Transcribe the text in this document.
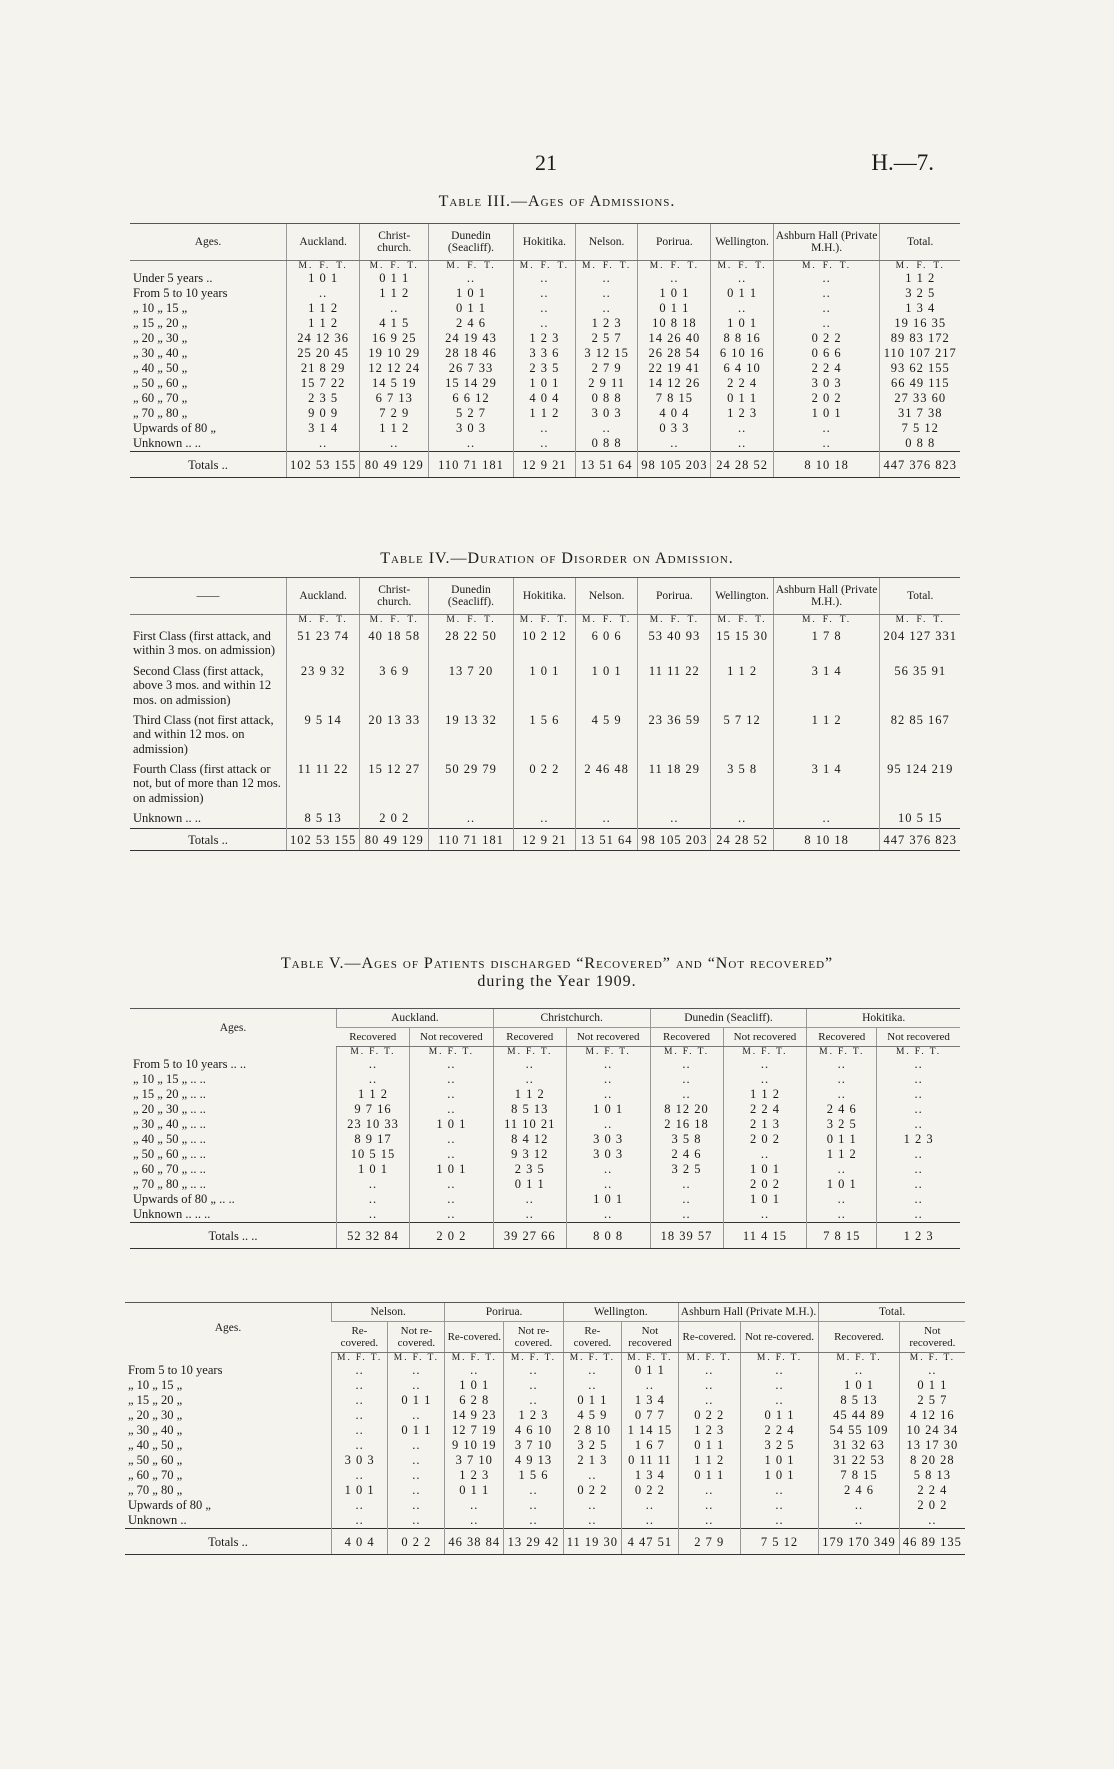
21	H.—7.
Table III.—Ages of Admissions.
Ages.	Auckland.	Christ-church.	Dunedin (Seacliff).	Hokitika.	Nelson.	Porirua.	Wellington.	Ashburn Hall (Private M.H.).	Total.
	M. F. T.	M. F. T.	M. F. T.	M. F. T.	M. F. T.	M. F. T.	M. F. T.	M. F. T.	M. F. T.
Under 5 years ..	1 0 1	0 1 1	..	..	..	..	..	..	1 1 2
From 5 to 10 years	..	1 1 2	1 0 1	..	..	1 0 1	0 1 1	..	3 2 5
„ 10 „ 15 „	1 1 2	..	0 1 1	..	..	0 1 1	..	..	1 3 4
„ 15 „ 20 „	1 1 2	4 1 5	2 4 6	..	1 2 3	10 8 18	1 0 1	..	19 16 35
„ 20 „ 30 „	24 12 36	16 9 25	24 19 43	1 2 3	2 5 7	14 26 40	8 8 16	0 2 2	89 83 172
„ 30 „ 40 „	25 20 45	19 10 29	28 18 46	3 3 6	3 12 15	26 28 54	6 10 16	0 6 6	110 107 217
„ 40 „ 50 „	21 8 29	12 12 24	26 7 33	2 3 5	2 7 9	22 19 41	6 4 10	2 2 4	93 62 155
„ 50 „ 60 „	15 7 22	14 5 19	15 14 29	1 0 1	2 9 11	14 12 26	2 2 4	3 0 3	66 49 115
„ 60 „ 70 „	2 3 5	6 7 13	6 6 12	4 0 4	0 8 8	7 8 15	0 1 1	2 0 2	27 33 60
„ 70 „ 80 „	9 0 9	7 2 9	5 2 7	1 1 2	3 0 3	4 0 4	1 2 3	1 0 1	31 7 38
Upwards of 80 „	3 1 4	1 1 2	3 0 3	..	..	0 3 3	..	..	7 5 12
Unknown .. ..	..	..	..	..	0 8 8	..	..	..	0 8 8
Totals ..	102 53 155	80 49 129	110 71 181	12 9 21	13 51 64	98 105 203	24 28 52	8 10 18	447 376 823
Table IV.—Duration of Disorder on Admission.
——	Auckland.	Christ-church.	Dunedin (Seacliff).	Hokitika.	Nelson.	Porirua.	Wellington.	Ashburn Hall (Private M.H.).	Total.
	M. F. T.	M. F. T.	M. F. T.	M. F. T.	M. F. T.	M. F. T.	M. F. T.	M. F. T.	M. F. T.
First Class (first attack, and within 3 mos. on admission)	51 23 74	40 18 58	28 22 50	10 2 12	6 0 6	53 40 93	15 15 30	1 7 8	204 127 331
Second Class (first attack, above 3 mos. and within 12 mos. on admission)	23 9 32	3 6 9	13 7 20	1 0 1	1 0 1	11 11 22	1 1 2	3 1 4	56 35 91
Third Class (not first attack, and within 12 mos. on admission)	9 5 14	20 13 33	19 13 32	1 5 6	4 5 9	23 36 59	5 7 12	1 1 2	82 85 167
Fourth Class (first attack or not, but of more than 12 mos. on admission)	11 11 22	15 12 27	50 29 79	0 2 2	2 46 48	11 18 29	3 5 8	3 1 4	95 124 219
Unknown .. ..	8 5 13	2 0 2	..	..	..	..	..	..	10 5 15
Totals ..	102 53 155	80 49 129	110 71 181	12 9 21	13 51 64	98 105 203	24 28 52	8 10 18	447 376 823
Table V.—Ages of Patients discharged “Recovered” and “Not recovered”
during the Year 1909.
Ages.	Auckland.		Christchurch.		Dunedin (Seacliff).		Hokitika.	
	Recovered	Not recovered	Recovered	Not recovered	Recovered	Not recovered	Recovered	Not recovered
	M. F. T.	M. F. T.	M. F. T.	M. F. T.	M. F. T.	M. F. T.	M. F. T.	M. F. T.
From 5 to 10 years .. ..	..	..	..	..	..	..	..	..
„ 10 „ 15 „ .. ..	..	..	..	..	..	..	..	..
„ 15 „ 20 „ .. ..	1 1 2	..	1 1 2	..	..	1 1 2	..	..
„ 20 „ 30 „ .. ..	9 7 16	..	8 5 13	1 0 1	8 12 20	2 2 4	2 4 6	..
„ 30 „ 40 „ .. ..	23 10 33	1 0 1	11 10 21	..	2 16 18	2 1 3	3 2 5	..
„ 40 „ 50 „ .. ..	8 9 17	..	8 4 12	3 0 3	3 5 8	2 0 2	0 1 1	1 2 3
„ 50 „ 60 „ .. ..	10 5 15	..	9 3 12	3 0 3	2 4 6	..	1 1 2	..
„ 60 „ 70 „ .. ..	1 0 1	1 0 1	2 3 5	..	3 2 5	1 0 1	..	..
„ 70 „ 80 „ .. ..	..	..	0 1 1	..	..	2 0 2	1 0 1	..
Upwards of 80 „ .. ..	..	..	..	1 0 1	..	1 0 1	..	..
Unknown .. .. ..	..	..	..	..	..	..	..	..
Totals .. ..	52 32 84	2 0 2	39 27 66	8 0 8	18 39 57	11 4 15	7 8 15	1 2 3
Ages.	Nelson.		Porirua.		Wellington.		Ashburn Hall (Private M.H.).		Total.	
	Re-covered.	Not re-covered.	Re-covered.	Not re-covered.	Re-covered.	Not recovered	Re-covered.	Not re-covered.	Recovered.	Not recovered.
	M. F. T.	M. F. T.	M. F. T.	M. F. T.	M. F. T.	M. F. T.	M. F. T.	M. F. T.	M. F. T.	M. F. T.
From 5 to 10 years	..	..	..	..	..	0 1 1	..	..	..	..
„ 10 „ 15 „	..	..	1 0 1	..	..	..	..	..	1 0 1	0 1 1
„ 15 „ 20 „	..	0 1 1	6 2 8	..	0 1 1	1 3 4	..	..	8 5 13	2 5 7
„ 20 „ 30 „	..	..	14 9 23	1 2 3	4 5 9	0 7 7	0 2 2	0 1 1	45 44 89	4 12 16
„ 30 „ 40 „	..	0 1 1	12 7 19	4 6 10	2 8 10	1 14 15	1 2 3	2 2 4	54 55 109	10 24 34
„ 40 „ 50 „	..	..	9 10 19	3 7 10	3 2 5	1 6 7	0 1 1	3 2 5	31 32 63	13 17 30
„ 50 „ 60 „	3 0 3	..	3 7 10	4 9 13	2 1 3	0 11 11	1 1 2	1 0 1	31 22 53	8 20 28
„ 60 „ 70 „	..	..	1 2 3	1 5 6	..	1 3 4	0 1 1	1 0 1	7 8 15	5 8 13
„ 70 „ 80 „	1 0 1	..	0 1 1	..	0 2 2	0 2 2	..	..	2 4 6	2 2 4
Upwards of 80 „	..	..	..	..	..	..	..	..	..	2 0 2
Unknown ..	..	..	..	..	..	..	..	..	..	..
Totals ..	4 0 4	0 2 2	46 38 84	13 29 42	11 19 30	4 47 51	2 7 9	7 5 12	179 170 349	46 89 135
